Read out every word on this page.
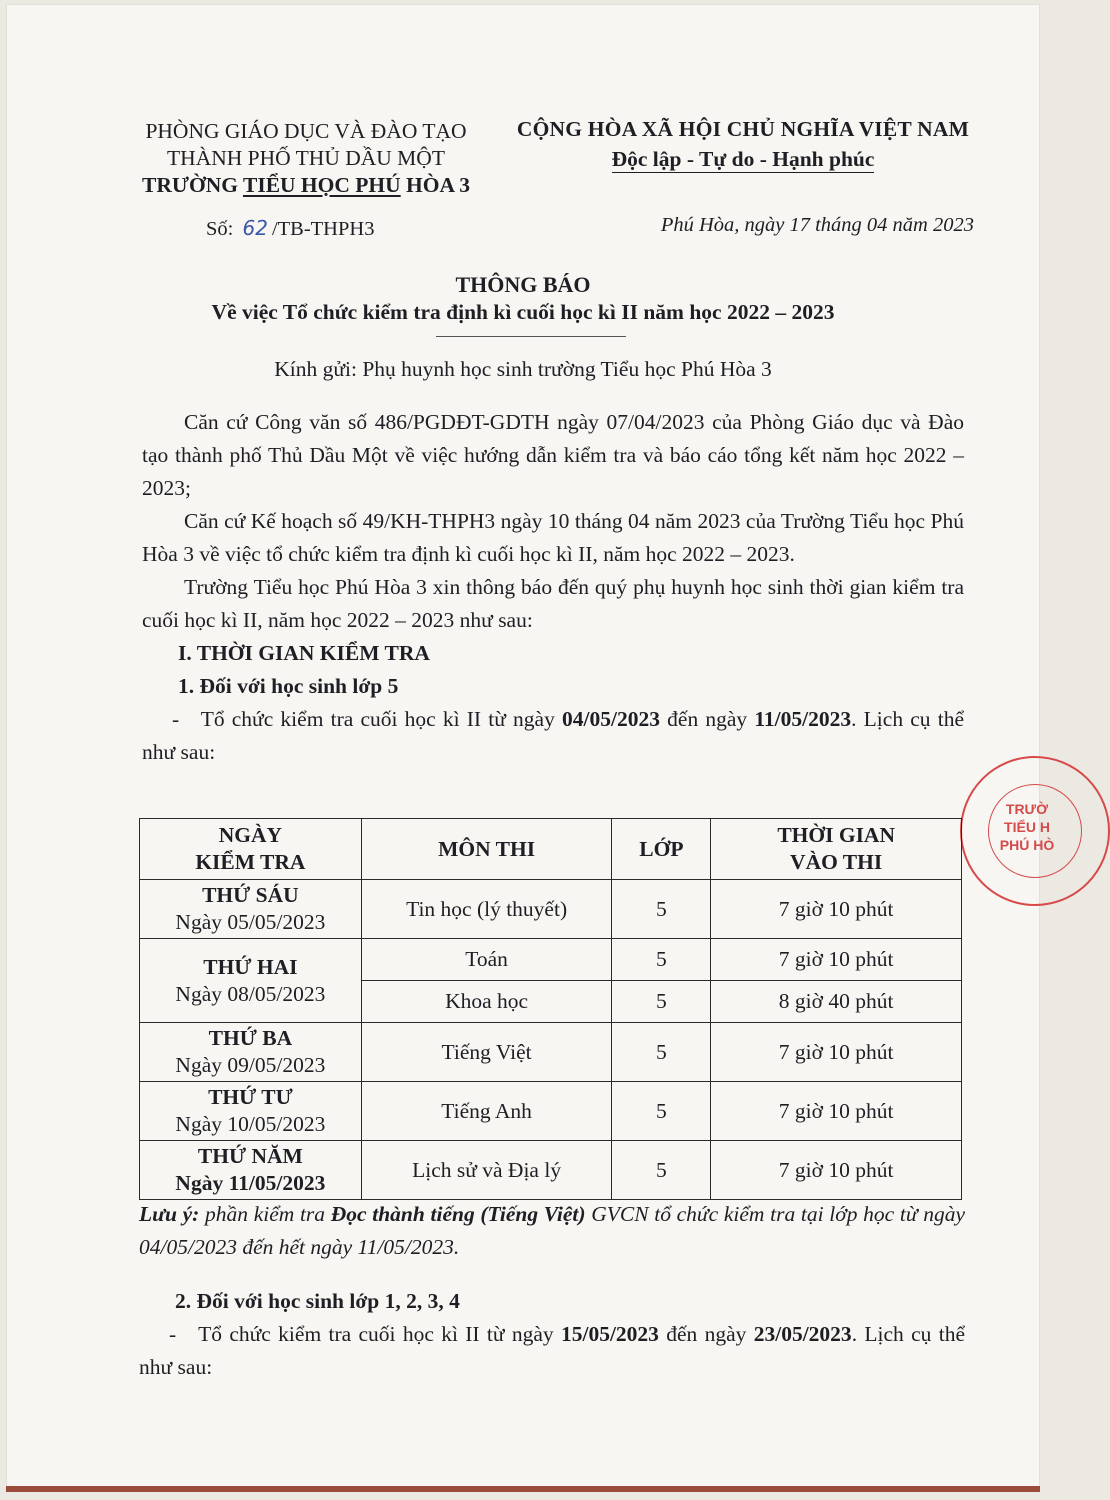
PHÒNG GIÁO DỤC VÀ ĐÀO TẠO
THÀNH PHỐ THỦ DẦU MỘT
TRƯỜNG TIỂU HỌC PHÚ HÒA 3
CỘNG HÒA XÃ HỘI CHỦ NGHĨA VIỆT NAM
Độc lập - Tự do - Hạnh phúc
Số: 62 /TB-THPH3	Phú Hòa, ngày 17 tháng 04 năm 2023
THÔNG BÁO
Về việc Tổ chức kiểm tra định kì cuối học kì II năm học 2022 – 2023
Kính gửi: Phụ huynh học sinh trường Tiểu học Phú Hòa 3

Căn cứ Công văn số 486/PGDĐT-GDTH ngày 07/04/2023 của Phòng Giáo dục và Đào tạo thành phố Thủ Dầu Một về việc hướng dẫn kiểm tra và báo cáo tổng kết năm học 2022 – 2023;

Căn cứ Kế hoạch số 49/KH-THPH3 ngày 10 tháng 04 năm 2023 của Trường Tiểu học Phú Hòa 3 về việc tổ chức kiểm tra định kì cuối học kì II, năm học 2022 – 2023.

Trường Tiểu học Phú Hòa 3 xin thông báo đến quý phụ huynh học sinh thời gian kiểm tra cuối học kì II, năm học 2022 – 2023 như sau:

I. THỜI GIAN KIỂM TRA

1. Đối với học sinh lớp 5

- Tổ chức kiểm tra cuối học kì II từ ngày 04/05/2023 đến ngày 11/05/2023. Lịch cụ thể như sau:

TRƯỜ
TIỂU H
PHÚ HÒ
NGÀY
KIỂM TRA	MÔN THI	LỚP	THỜI GIAN
VÀO THI

THỨ SÁU
Ngày 05/05/2023	Tin học (lý thuyết)	5	7 giờ 10 phút

THỨ HAI
Ngày 08/05/2023	Toán	5	7 giờ 10 phút
	Khoa học	5	8 giờ 40 phút

THỨ BA
Ngày 09/05/2023	Tiếng Việt	5	7 giờ 10 phút

THỨ TƯ
Ngày 10/05/2023	Tiếng Anh	5	7 giờ 10 phút

THỨ NĂM
Ngày 11/05/2023	Lịch sử và Địa lý	5	7 giờ 10 phút
Lưu ý: phần kiểm tra Đọc thành tiếng (Tiếng Việt) GVCN tổ chức kiểm tra tại lớp học từ ngày 04/05/2023 đến hết ngày 11/05/2023.

2. Đối với học sinh lớp 1, 2, 3, 4

- Tổ chức kiểm tra cuối học kì II từ ngày 15/05/2023 đến ngày 23/05/2023. Lịch cụ thể như sau:
